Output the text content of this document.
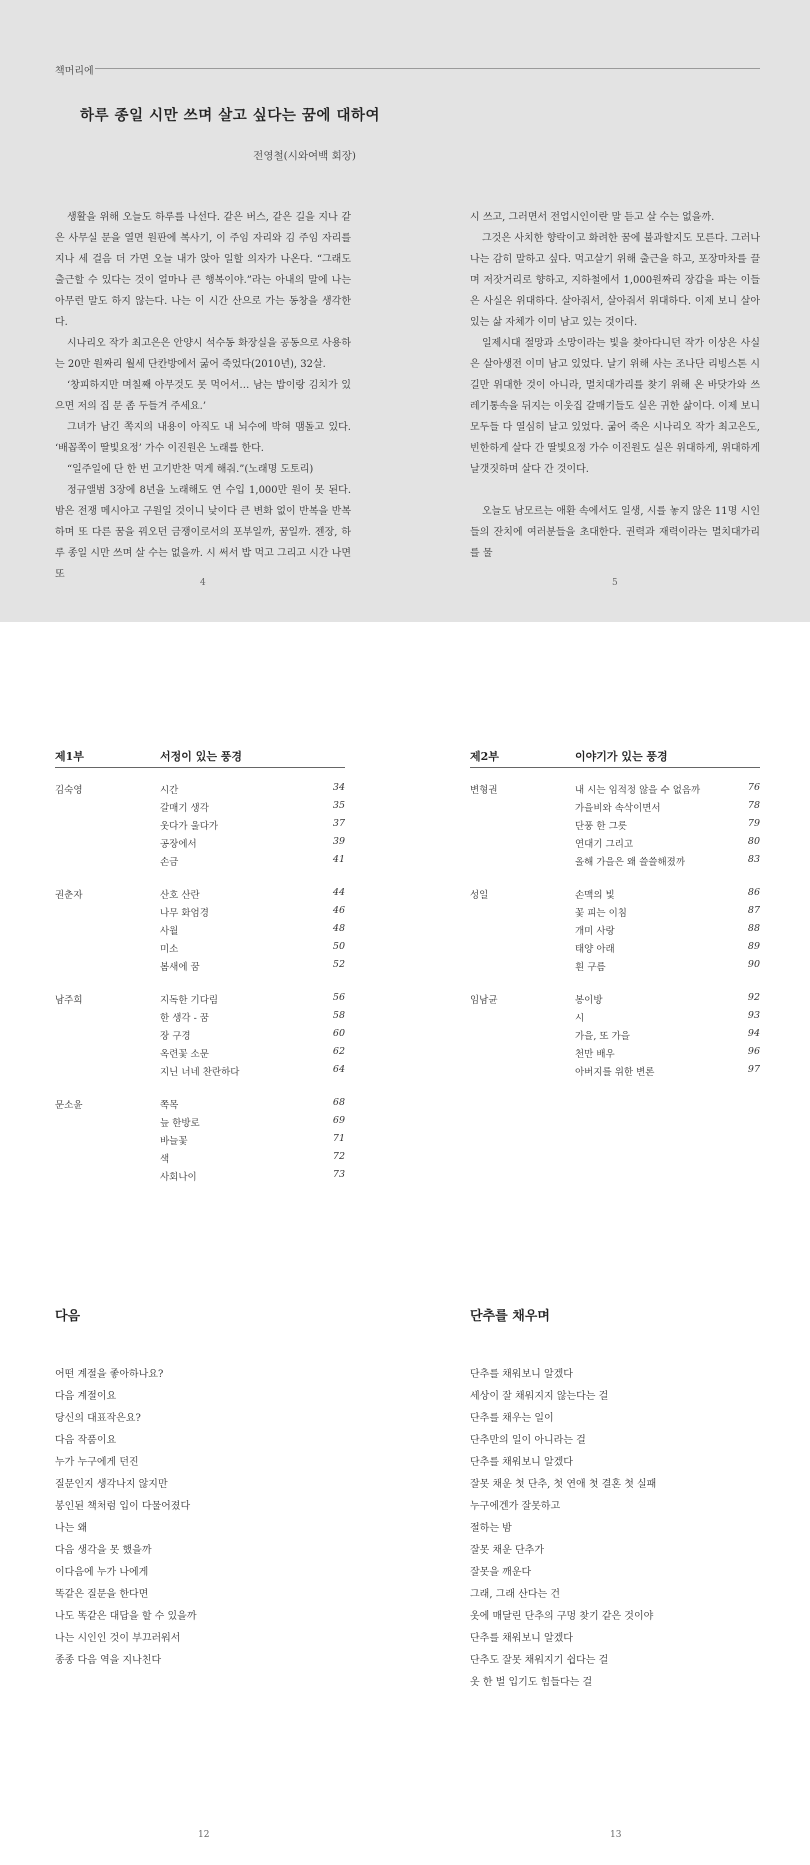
책머리에
하루 종일 시만 쓰며 살고 싶다는 꿈에 대하여
전영철(시와여백 회장)

생활을 위해 오늘도 하루를 나선다. 같은 버스, 같은 길을 지나 같은 사무실 문을 열면 원판에 복사기, 이 주임 자리와 김 주임 자리를 지나 세 걸음 더 가면 오늘 내가 앉아 일할 의자가 나온다. “그래도 출근할 수 있다는 것이 얼마나 큰 행복이야.”라는 아내의 말에 나는 아무런 말도 하지 않는다. 나는 이 시간 산으로 가는 동창을 생각한다.

시나리오 작가 최고은은 안양시 석수동 화장실을 공동으로 사용하는 20만 원짜리 월세 단칸방에서 굶어 죽었다(2010년), 32살.

‘창피하지만 며칠째 아무것도 못 먹어서… 남는 밥이랑 김치가 있으면 저의 집 문 좀 두들겨 주세요.’

그녀가 남긴 쪽지의 내용이 아직도 내 뇌수에 박혀 맴돌고 있다. ‘배꼽쪽이 딸빛요정’ 가수 이진원은 노래를 한다.

“일주일에 단 한 번 고기반찬 먹게 해줘.”(노래명 도토리)

정규앨범 3장에 8년을 노래해도 연 수입 1,000만 원이 못 된다. 밤은 전쟁 메시아고 구원일 것이니 낮이다 큰 변화 없이 반복을 반복하며 또 다른 꿈을 꿔오던 금쟁이로서의 포부일까, 꿈일까. 젠장, 하루 종일 시만 쓰며 살 수는 없을까. 시 써서 밥 먹고 그리고 시간 나면 또

시 쓰고, 그러면서 전업시인이란 말 듣고 살 수는 없을까.

그것은 사치한 향락이고 화려한 꿈에 불과할지도 모른다. 그러나 나는 감히 말하고 싶다. 먹고살기 위해 출근을 하고, 포장마차를 끌며 저잣거리로 향하고, 지하철에서 1,000원짜리 장갑을 파는 이들은 사실은 위대하다. 살아줘서, 살아줘서 위대하다. 이제 보니 살아있는 삶 자체가 이미 남고 있는 것이다.

일제시대 절망과 소망이라는 빛을 찾아다니던 작가 이상은 사실은 살아생전 이미 남고 있었다. 날기 위해 사는 조나단 리빙스톤 시길만 위대한 것이 아니라, 멸치대가리를 찾기 위해 온 바닷가와 쓰레기통속을 뒤지는 이웃집 갈매기들도 실은 귀한 삶이다. 이제 보니 모두들 다 열심히 날고 있었다. 굶어 죽은 시나리오 작가 최고은도, 빈한하게 살다 간 딸빛요정 가수 이진원도 실은 위대하게, 위대하게 날갯짓하며 살다 간 것이다.

오늘도 남모르는 애환 속에서도 일생, 시를 놓지 않은 11명 시인들의 잔치에 여러분들을 초대한다. 권력과 재력이라는 멸치대가리를 물

4	5
제1부	서정이 있는 풍경
김숙영	시간	34
갈매기 생각	35
웃다가 울다가	37
공장에서	39
손금	41
권춘자	산호 산란	44
나무 화엄경	46
사월	48
미소	50
봄새에 꿈	52
남주희	지독한 기다림	56
한 생각 - 꿈	58
장 구경	60
옥련꽃 소문	62
지닌 너네 찬란하다	64
문소윤	쪽목	68
늪 한방로	69
바늘꽃	71
색	72
사회나이	73
제2부	이야기가 있는 풍경
변형권	내 시는 임적정 않을 수 없음까	76
가을비와 속삭이면서	78
단풍 한 그릇	79
연대기 그리고	80
올해 가을은 왜 쓸쓸해졌까	83
성일	손맥의 빛	86
꽃 피는 이침	87
개미 사랑	88
태양 아래	89
흰 구름	90
임남균	봉이방	92
시	93
가을, 또 가을	94
천만 배우	96
아버지를 위한 변론	97
다음
어떤 계절을 좋아하나요?
다음 계절이요
당신의 대표작은요?
다음 작품이요
누가 누구에게 던진
질문인지 생각나지 않지만
봉인된 책처럼 입이 다물어졌다
나는 왜
다음 생각을 못 했을까
이다음에 누가 나에게
똑같은 질문을 한다면
나도 똑같은 대답을 할 수 있을까
나는 시인인 것이 부끄러워서
종종 다음 역을 지나친다
단추를 채우며
단추를 채워보니 알겠다
세상이 잘 채워지지 않는다는 걸
단추를 채우는 일이
단추만의 일이 아니라는 걸
단추를 채워보니 알겠다
잘못 채운 첫 단추, 첫 연애 첫 결혼 첫 실패
누구에겐가 잘못하고
절하는 밤
잘못 채운 단추가
잘못을 깨운다
그래, 그래 산다는 건
옷에 매달린 단추의 구멍 찾기 같은 것이야
단추를 채워보니 알겠다
단추도 잘못 채워지기 쉽다는 걸
옷 한 벌 입기도 힘들다는 걸
12	13
